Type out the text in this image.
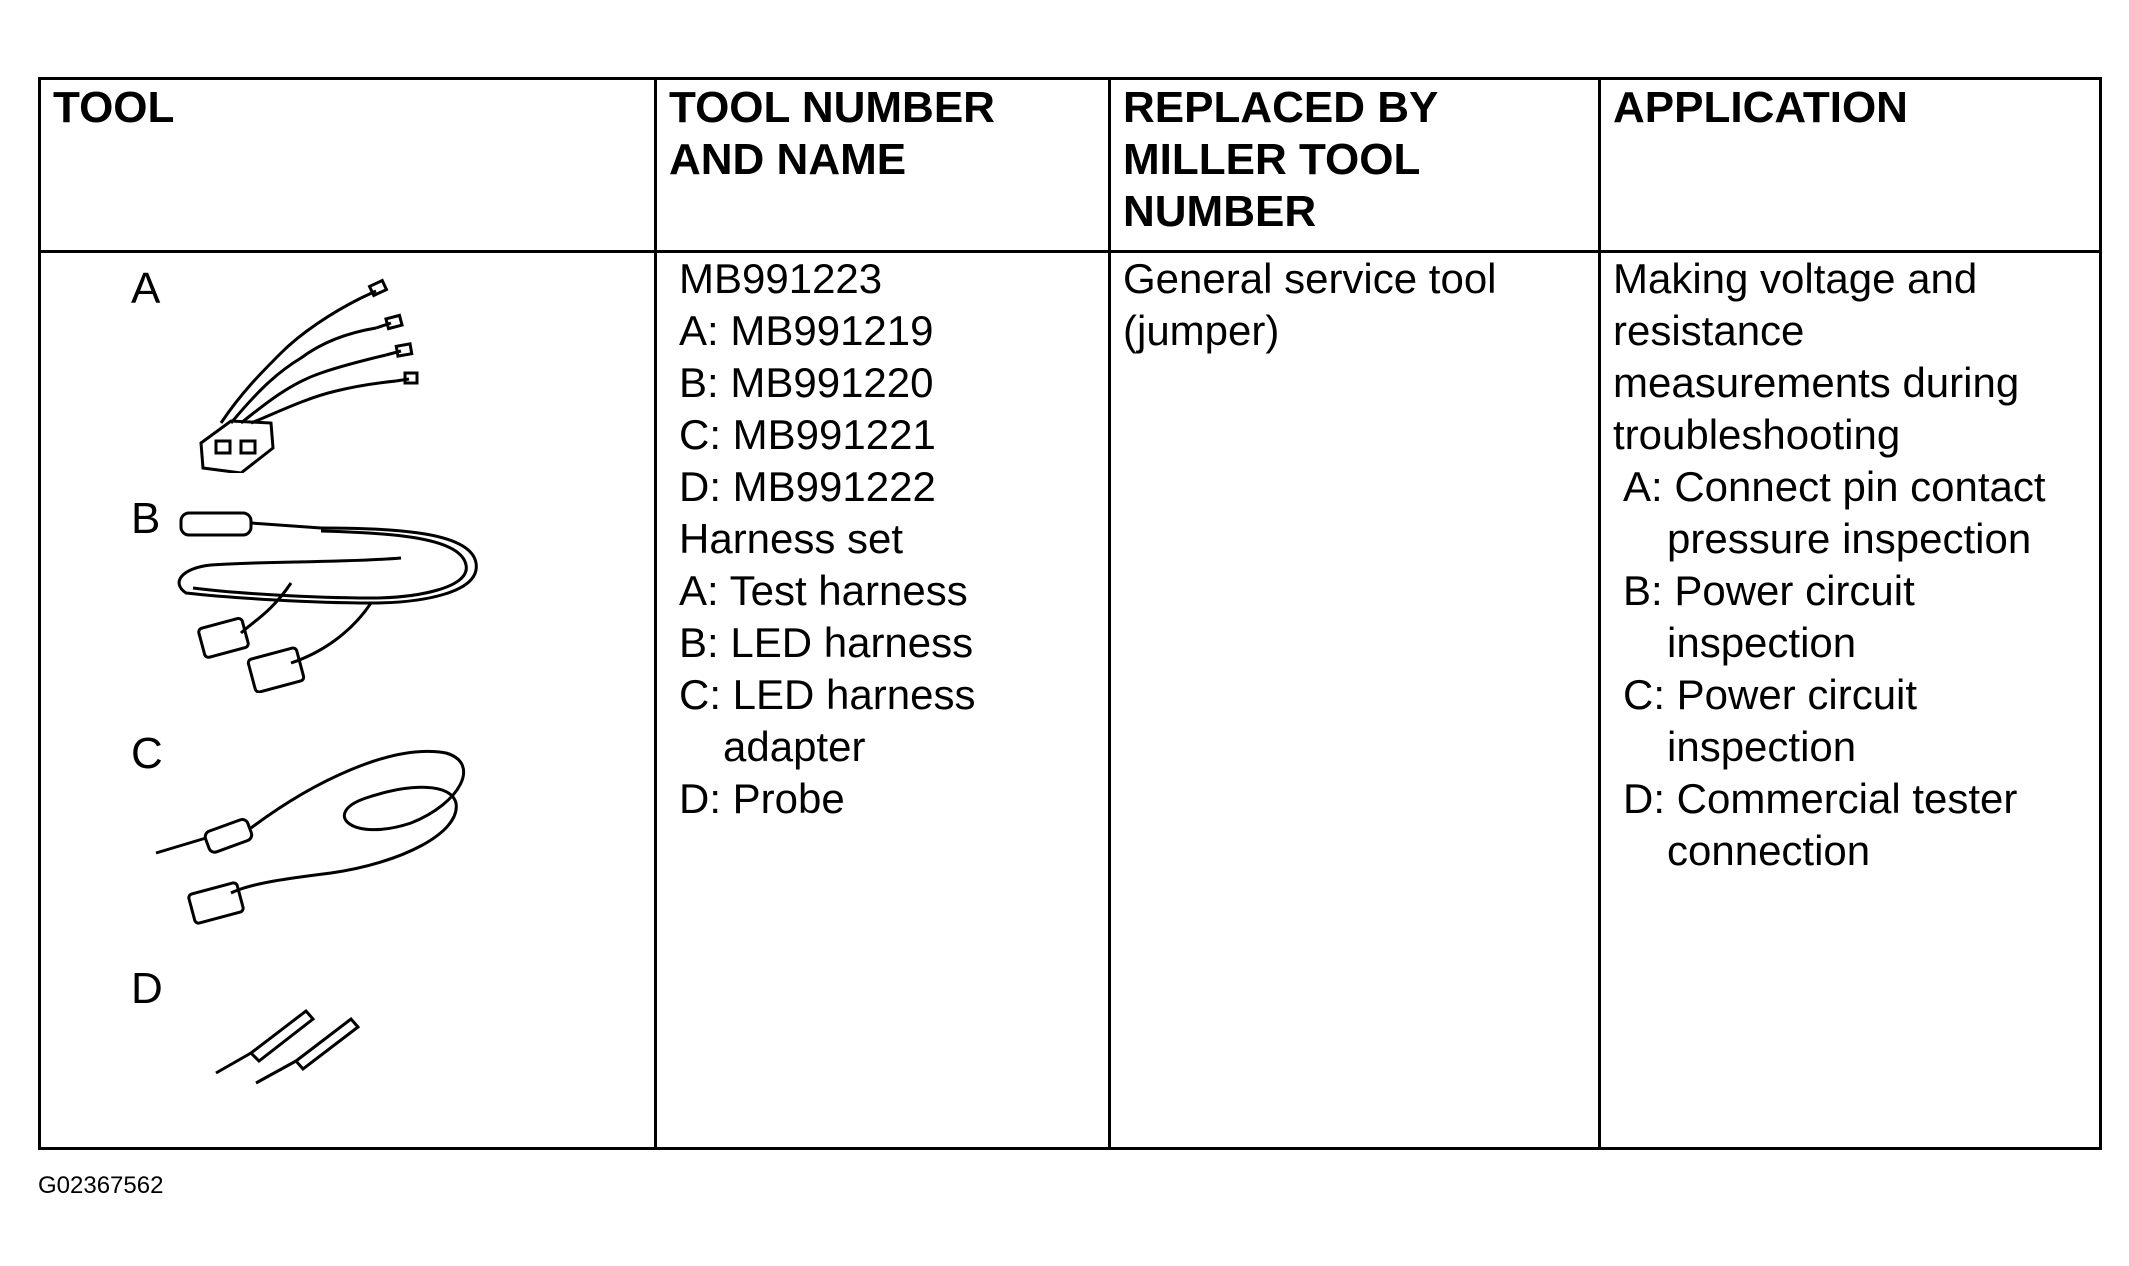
TOOL	TOOL NUMBER
AND NAME
REPLACED BY
MILLER TOOL
NUMBER
APPLICATION
A
B
C
D
MB991223
A: MB991219
B: MB991220
C: MB991221
D: MB991222
Harness set
A: Test harness
B: LED harness
C: LED harness
adapter
D: Probe
General service tool
(jumper)
Making voltage and
resistance
measurements during
troubleshooting
A: Connect pin contact
pressure inspection
B: Power circuit
inspection
C: Power circuit
inspection
D: Commercial tester
connection
G02367562
